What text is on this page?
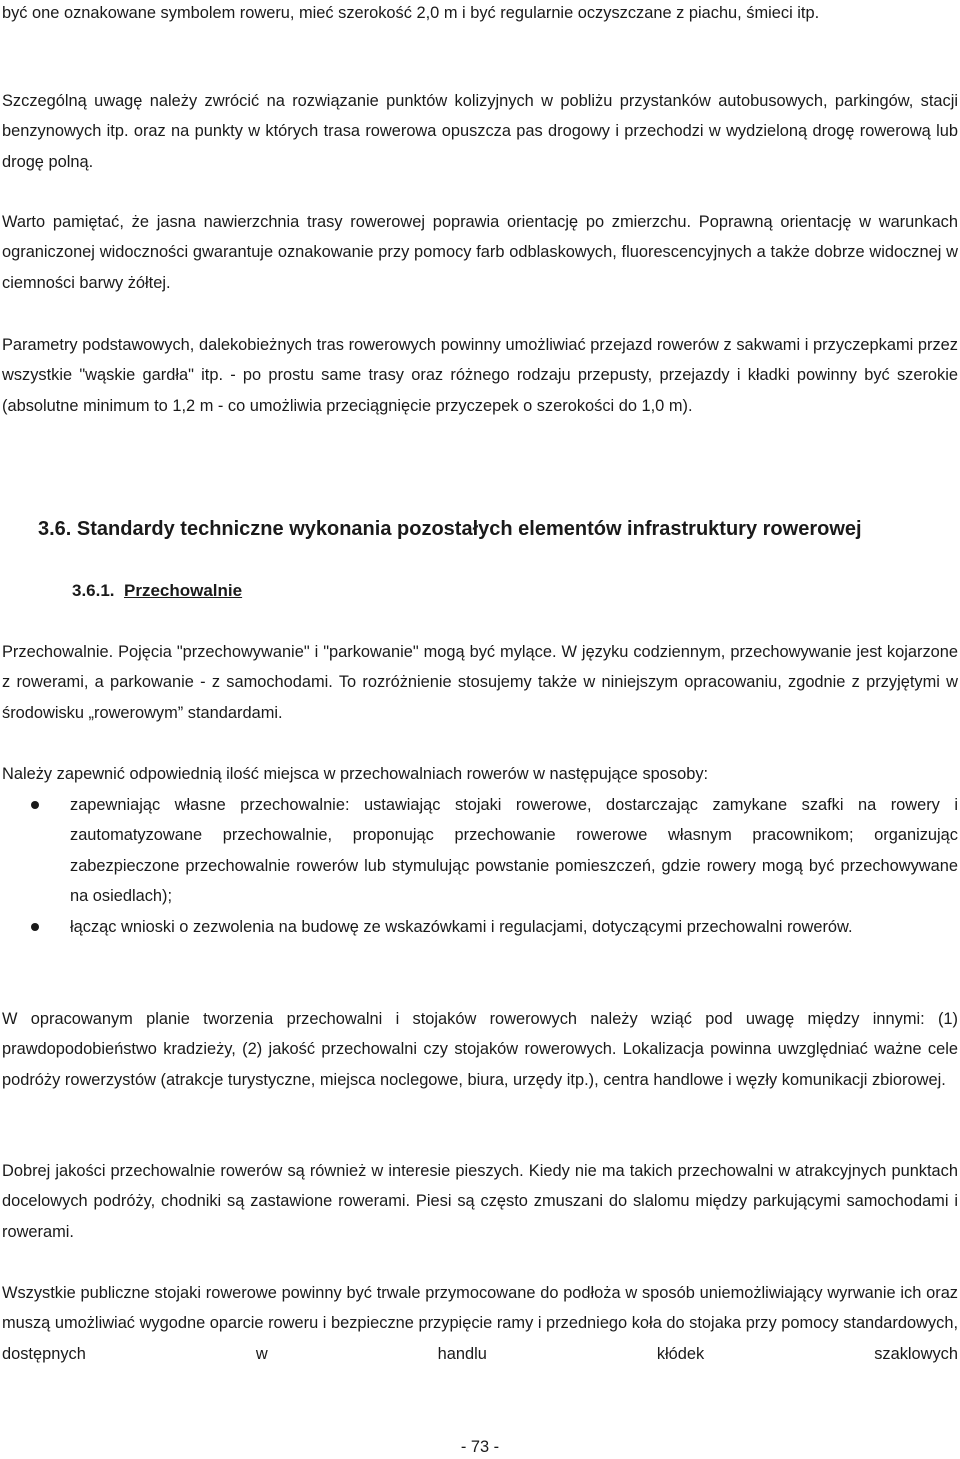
być one oznakowane symbolem roweru, mieć szerokość 2,0 m i być regularnie oczyszczane z piachu, śmieci itp.

Szczególną uwagę należy zwrócić na rozwiązanie punktów kolizyjnych w pobliżu przystanków autobusowych, parkingów, stacji benzynowych itp. oraz na punkty w których trasa rowerowa opuszcza pas drogowy i przechodzi w wydzieloną drogę rowerową lub drogę polną.

Warto pamiętać, że jasna nawierzchnia trasy rowerowej poprawia orientację po zmierzchu. Poprawną orientację w warunkach ograniczonej widoczności gwarantuje oznakowanie przy pomocy farb odblaskowych, fluorescencyjnych a także dobrze widocznej w ciemności barwy żółtej.

Parametry podstawowych, dalekobieżnych tras rowerowych powinny umożliwiać przejazd rowerów z sakwami i przyczepkami przez wszystkie "wąskie gardła" itp. - po prostu same trasy oraz różnego rodzaju przepusty, przejazdy i kładki powinny być szerokie (absolutne minimum to 1,2 m - co umożliwia przeciągnięcie przyczepek o szerokości do 1,0 m).

3.6. Standardy techniczne wykonania pozostałych elementów infrastruktury rowerowej
3.6.1. Przechowalnie

Przechowalnie. Pojęcia "przechowywanie" i "parkowanie" mogą być mylące. W języku codziennym, przechowywanie jest kojarzone z rowerami, a parkowanie - z samochodami. To rozróżnienie stosujemy także w niniejszym opracowaniu, zgodnie z przyjętymi w środowisku „rowerowym” standardami.

Należy zapewnić odpowiednią ilość miejsca w przechowalniach rowerów w następujące sposoby:

zapewniając własne przechowalnie: ustawiając stojaki rowerowe, dostarczając zamykane szafki na rowery i zautomatyzowane przechowalnie, proponując przechowanie rowerowe własnym pracownikom; organizując zabezpieczone przechowalnie rowerów lub stymulując powstanie pomieszczeń, gdzie rowery mogą być przechowywane na osiedlach);
łącząc wnioski o zezwolenia na budowę ze wskazówkami i regulacjami, dotyczącymi przechowalni rowerów.

W opracowanym planie tworzenia przechowalni i stojaków rowerowych należy wziąć pod uwagę między innymi: (1) prawdopodobieństwo kradzieży, (2) jakość przechowalni czy stojaków rowerowych. Lokalizacja powinna uwzględniać ważne cele podróży rowerzystów (atrakcje turystyczne, miejsca noclegowe, biura, urzędy itp.), centra handlowe i węzły komunikacji zbiorowej.

Dobrej jakości przechowalnie rowerów są również w interesie pieszych. Kiedy nie ma takich przechowalni w atrakcyjnych punktach docelowych podróży, chodniki są zastawione rowerami. Piesi są często zmuszani do slalomu między parkującymi samochodami i rowerami.

Wszystkie publiczne stojaki rowerowe powinny być trwale przymocowane do podłoża w sposób uniemożliwiający wyrwanie ich oraz muszą umożliwiać wygodne oparcie roweru i bezpieczne przypięcie ramy i przedniego koła do stojaka przy pomocy standardowych, dostępnych w handlu kłódek szaklowych

- 73 -
